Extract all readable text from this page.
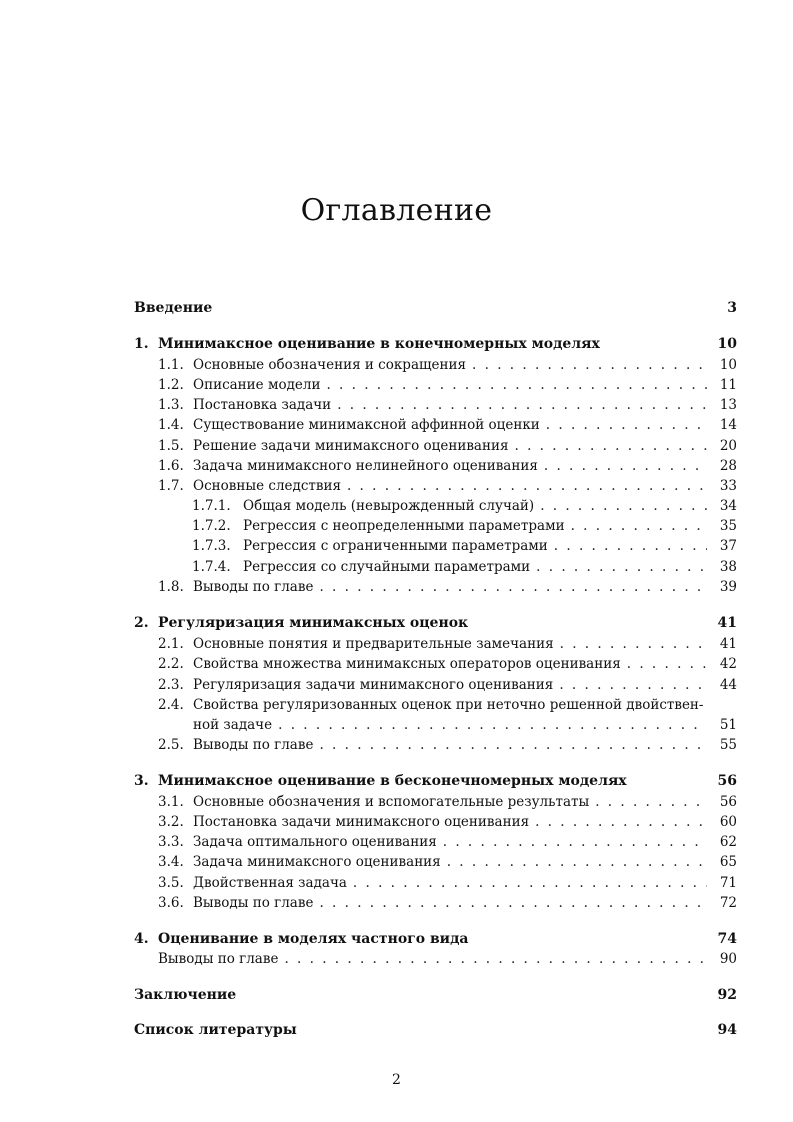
Оглавление
Введение	3
1. Минимаксное оценивание в конечномерных моделях	10
1.1. Основные обозначения и сокращения . . .	10
1.2. Описание модели . . .	11
1.3. Постановка задачи . . .	13
1.4. Существование минимаксной аффинной оценки . . .	14
1.5. Решение задачи минимаксного оценивания . . .	20
1.6. Задача минимаксного нелинейного оценивания . . .	28
1.7. Основные следствия . . .	33
1.7.1. Общая модель (невырожденный случай) . . .	34
1.7.2. Регрессия с неопределенными параметрами . . .	35
1.7.3. Регрессия с ограниченными параметрами . . .	37
1.7.4. Регрессия со случайными параметрами . . .	38
1.8. Выводы по главе . . .	39
2. Регуляризация минимаксных оценок	41
2.1. Основные понятия и предварительные замечания . . .	41
2.2. Свойства множества минимаксных операторов оценивания . . .	42
2.3. Регуляризация задачи минимаксного оценивания . . .	44
2.4. Свойства регуляризованных оценок при неточно решенной двойствен-
ной задаче . . .	51
2.5. Выводы по главе . . .	55
3. Минимаксное оценивание в бесконечномерных моделях	56
3.1. Основные обозначения и вспомогательные результаты . . .	56
3.2. Постановка задачи минимаксного оценивания . . .	60
3.3. Задача оптимального оценивания . . .	62
3.4. Задача минимаксного оценивания . . .	65
3.5. Двойственная задача . . .	71
3.6. Выводы по главе . . .	72
4. Оценивание в моделях частного вида	74
Выводы по главе . . .	90
Заключение	92
Список литературы	94
2
